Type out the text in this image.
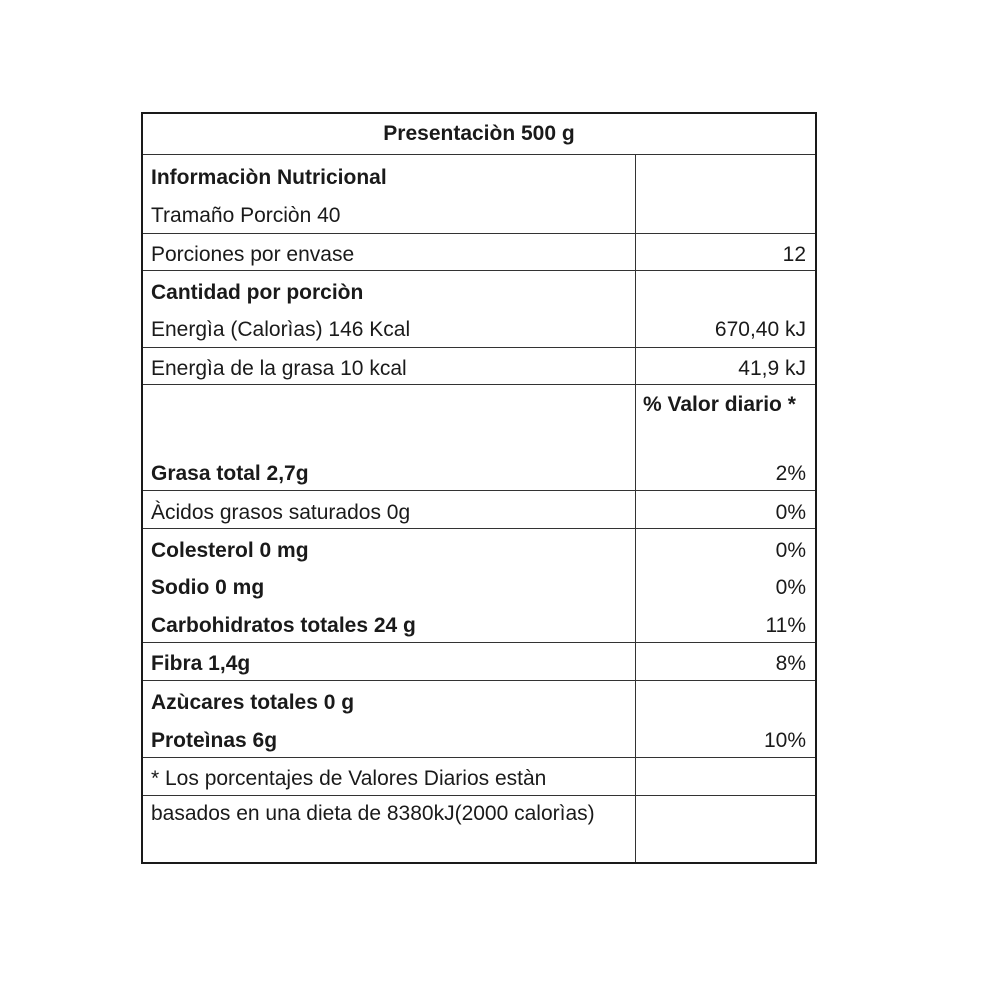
Presentaciòn 500 g
Informaciòn Nutricional
Tramaño Porciòn 40
Porciones por envase	12
Cantidad por porciòn
Energìa (Calorìas) 146 Kcal	670,40 kJ
Energìa de la grasa 10 kcal	41,9 kJ
% Valor diario *
Grasa total 2,7g	2%
Àcidos grasos saturados 0g	0%
Colesterol 0 mg	0%
Sodio 0 mg	0%
Carbohidratos totales 24 g	11%
Fibra 1,4g	8%
Azùcares totales 0 g
Proteìnas 6g	10%
* Los porcentajes de Valores Diarios estàn
basados en una dieta de 8380kJ(2000 calorìas)
